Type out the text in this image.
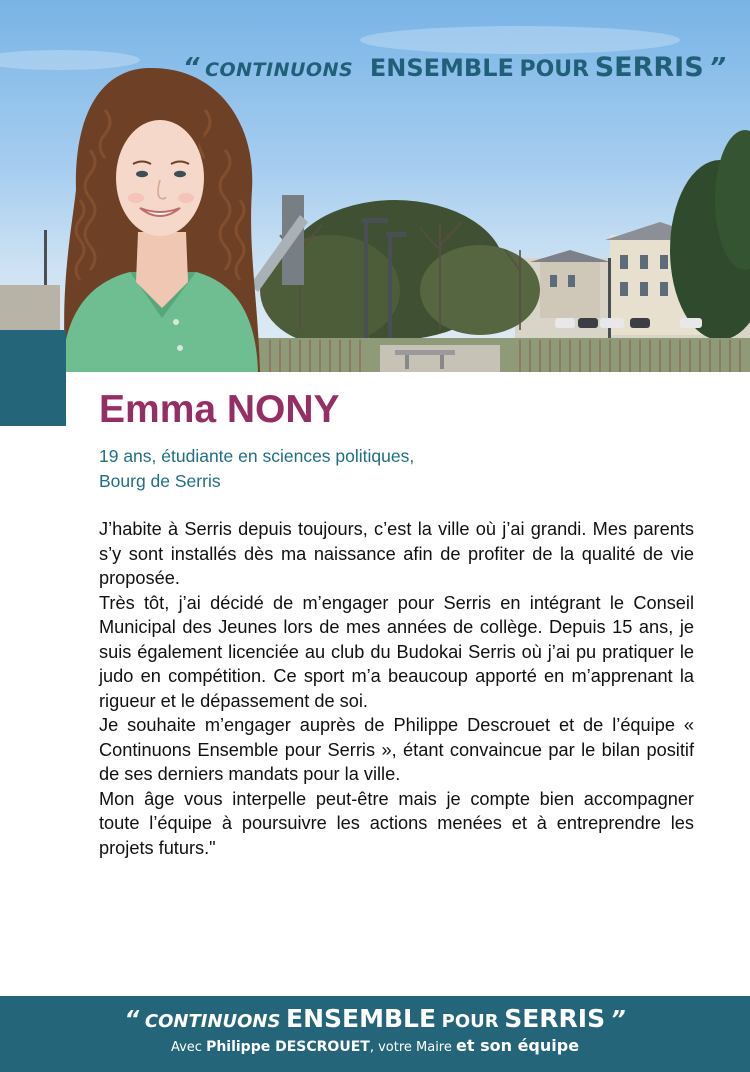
“ CONTINUONS ENSEMBLE POUR SERRIS ”
Emma NONY
19 ans, étudiante en sciences politiques,
Bourg de Serris

J’habite à Serris depuis toujours, c’est la ville où j’ai grandi. Mes parents s’y sont installés dès ma naissance afin de profiter de la qualité de vie proposée.

Très tôt, j’ai décidé de m’engager pour Serris en intégrant le Conseil Municipal des Jeunes lors de mes années de collège. Depuis 15 ans, je suis également licenciée au club du Budokai Serris où j’ai pu pratiquer le judo en compétition. Ce sport m’a beaucoup apporté en m’apprenant la rigueur et le dépassement de soi.

Je souhaite m’engager auprès de Philippe Descrouet et de l’équipe « Continuons Ensemble pour Serris », étant convaincue par le bilan positif de ses derniers mandats pour la ville.

Mon âge vous interpelle peut-être mais je compte bien accompagner toute l’équipe à poursuivre les actions menées et à entreprendre les projets futurs."

“ CONTINUONS ENSEMBLE POUR SERRIS ”
Avec Philippe DESCROUET, votre Maire et son équipe
